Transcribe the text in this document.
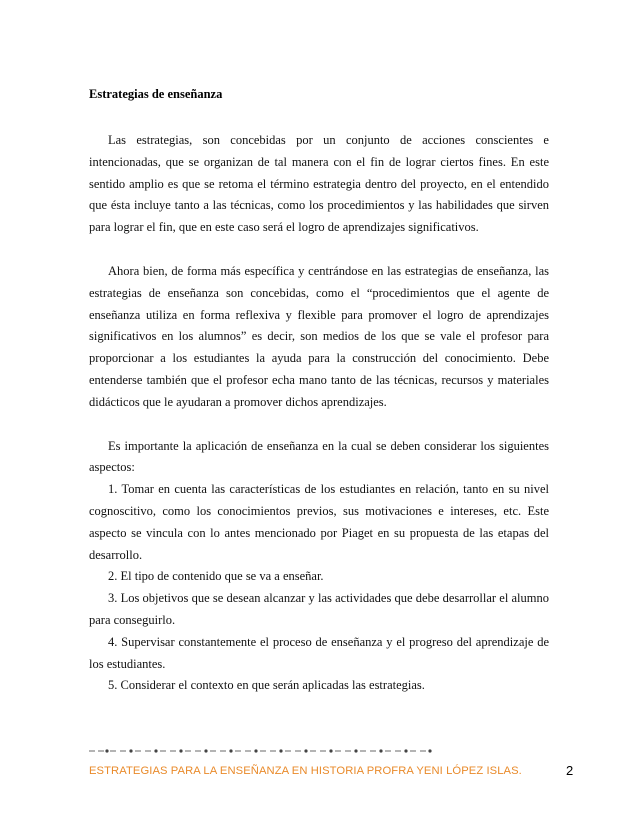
Estrategias de enseñanza

Las estrategias, son concebidas por un conjunto de acciones conscientes e intencionadas, que se organizan de tal manera con el fin de lograr ciertos fines. En este sentido amplio es que se retoma el término estrategia dentro del proyecto, en el entendido que ésta incluye tanto a las técnicas, como los procedimientos y las habilidades que sirven para lograr el fin, que en este caso será el logro de aprendizajes significativos.

Ahora bien, de forma más específica y centrándose en las estrategias de enseñanza, las estrategias de enseñanza son concebidas, como el “procedimientos que el agente de enseñanza utiliza en forma reflexiva y flexible para promover el logro de aprendizajes significativos en los alumnos” es decir, son medios de los que se vale el profesor para proporcionar a los estudiantes la ayuda para la construcción del conocimiento. Debe entenderse también que el profesor echa mano tanto de las técnicas, recursos y materiales didácticos que le ayudaran a promover dichos aprendizajes.

Es importante la aplicación de enseñanza en la cual se deben considerar los siguientes aspectos:

1. Tomar en cuenta las características de los estudiantes en relación, tanto en su nivel cognoscitivo, como los conocimientos previos, sus motivaciones e intereses, etc. Este aspecto se vincula con lo antes mencionado por Piaget en su propuesta de las etapas del desarrollo.

2. El tipo de contenido que se va a enseñar.

3. Los objetivos que se desean alcanzar y las actividades que debe desarrollar el alumno para conseguirlo.

4. Supervisar constantemente el proceso de enseñanza y el progreso del aprendizaje de los estudiantes.

5. Considerar el contexto en que serán aplicadas las estrategias.

ESTRATEGIAS PARA LA ENSEÑANZA EN HISTORIA PROFRA YENI LÓPEZ ISLAS.	2
